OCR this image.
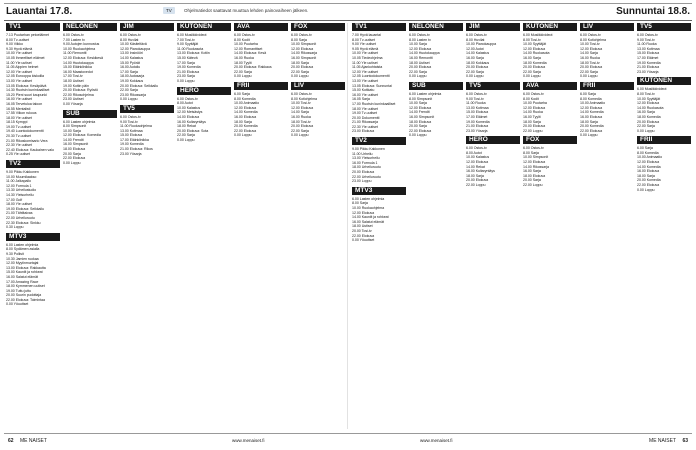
Lauantai 17.8.	TV	Ohjelmatiedot saattavat muuttua lehden painovaiheen jälkeen.	Sunnuntai 18.8.
TV1
7.13 Puutarhan petoeläimet
8.00 Tv-uutiset
9.00 Viikko
9.30 Hyvä elämä
10.00 Yle uutiset
10.05 Ihmeelliset eläimet
11.00 Yle uutiset
11.05 Alppien helmet
12.00 Yle uutiset
12.05 Eurooppa kiskoilla
13.00 Yle uutiset
13.05 Elokuva: Kesäpäivä
14.30 Ruotsin kuninkaalliset
15.20 Pieni suuri kaupunki
16.00 Yle uutiset
16.05 Tervetuloa taloon
16.55 Mentalisti
17.55 Viikon rukous
18.00 Yle uutiset
18.15 Kymppi
19.00 Tv-uutiset
19.40 Luontodokumentti
20.30 Tv-uutiset
21.00 Rikoskomisario Vera
22.30 Yle uutiset
22.40 Elokuva: Kaukainen valo
0.25 Yle uutiset
TV2
9.00 Pikku Kakkonen
10.00 Muumilaakso
11.00 Jalkapallo
12.00 Formula 1
13.30 Urheilustudio
14.30 Yleisurheilu
17.00 Golf
18.00 Yle uutiset
19.00 Elokuva: Seikkailu
21.00 Tähtitaivas
22.00 Urheiluruutu
22.30 Elokuva: Sinkku
0.30 Loppu
MTV3
6.00 Lasten ohjelmia
8.00 Sydämen asialla
9.30 Poliisit
10.30 Jamien ruokaa
12.00 Myytinmurtajat
13.00 Elokuva: Rakkautta
15.00 Kauniit ja rohkeat
16.00 Salatut elämät
17.00 Amazing Race
18.00 Kymmenen uutiset
19.00 Tuttu juttu
20.00 Suurin pudottaja
22.00 Elokuva: Toimintaa
0.00 Yöuutiset
NELONEN
6.00 Ostos-tv
7.00 Lasten tv
9.00 Autojen kunnostus
10.00 Ruokaohjelma
11.00 Remontti
12.00 Elokuva: Keskikesä
14.00 Huutokauppa
15.00 Eläinklinikka
16.00 Maastovedot
17.00 Tosi-tv
18.00 Uutiset
19.00 Kotiin päin
20.00 Elokuva: Ryöstö
22.00 Rikosohjelma
23.00 Uutiset
0.00 Yösarja
SUB
6.00 Lasten ohjelmia
8.00 Simpsonit
10.00 Sarja
12.00 Elokuva: Komedia
14.00 Frendit
16.00 Simpsonit
18.00 Elokuva
20.00 Sarja
22.00 Elokuva
0.00 Loppu
JIM
6.00 Ostos-tv
8.00 Huvilat
10.00 Käsiteltävä
12.00 Pianokauppa
13.00 Insinööri
14.00 Kalastus
15.00 Pyörät
16.00 Autoilu
17.00 Sarja
18.00 Autosarja
19.00 Kokkaus
20.00 Elokuva: Seikkailu
22.00 Sarja
23.00 Rikossarja
0.00 Loppu
TV5
6.00 Ostos-tv
9.00 Tosi-tv
11.00 Ruokaohjelma
13.00 Kotimaa
15.00 Elokuva
17.00 Eläinklinikka
19.00 Komedia
21.00 Elokuva: Rikos
23.00 Yösarja
KUTONEN
6.00 Musiikkivideot
7.00 Tosi-tv
9.00 Syyttäjät
11.00 Ruokasota
13.00 Elokuva: Kotiin
15.00 Kätevä
17.00 Sarja
19.00 Komedia
21.00 Elokuva
23.00 Sarja
0.00 Loppu
HERO
6.00 Ostos-tv
8.00 Autot
10.00 Kalastus
12.00 Metsästys
14.00 Elokuva
16.00 Kultaryntäys
18.00 Rekat
20.00 Elokuva: Sota
22.00 Sarja
0.00 Loppu
AVA
6.00 Ostos-tv
8.00 Kodit
10.00 Puutarha
12.00 Romanttiset
14.00 Elokuva: Kesä
16.00 Ruoka
18.00 Tyylit
20.00 Elokuva: Rakkaus
22.00 Sarja
0.00 Loppu
FRII
6.00 Sarja
8.00 Komedia
10.00 Animaatio
12.00 Elokuva
14.00 Komedia
16.00 Elokuva
18.00 Sarja
20.00 Komedia
22.00 Elokuva
0.00 Loppu
FOX
6.00 Ostos-tv
8.00 Sarja
10.00 Simpsonit
12.00 Elokuva
14.00 Rikossarja
16.00 Simpsonit
18.00 Sarja
20.00 Elokuva
22.00 Sarja
0.00 Loppu
LIV
6.00 Ostos-tv
8.00 Kotiohjelma
10.00 Tosi-tv
12.00 Elokuva
14.00 Sarja
16.00 Ruoka
18.00 Tosi-tv
20.00 Elokuva
22.00 Sarja
0.00 Loppu
TV1
7.00 Hyvä lauantai
8.00 Tv-uutiset
9.00 Yle uutiset
9.05 Hyvä elämä
10.00 Yle uutiset
10.05 Tiedeohjelma
11.00 Yle uutiset
11.05 Ajankohtaista
12.00 Yle uutiset
12.05 Luontodokumentti
13.00 Yle uutiset
13.05 Elokuva: Sunnuntai
15.00 Kotikatu
16.00 Yle uutiset
16.05 Sarja
17.00 Ruotsin kuninkaalliset
18.00 Yle uutiset
19.00 Tv-uutiset
20.00 Dokumentti
21.00 Rikossarja
22.30 Yle uutiset
23.00 Elokuva
TV2
9.00 Pikku Kakkonen
11.00 Urheilu
13.00 Yleisurheilu
16.00 Formula 1
18.00 Urheiluruutu
20.00 Elokuva
22.00 Urheiluruutu
23.00 Loppu
MTV3
6.00 Lasten ohjelmia
8.00 Sarja
10.00 Ruokaohjelma
12.00 Elokuva
14.00 Kauniit ja rohkeat
16.00 Salatut elämät
18.00 Uutiset
20.00 Tosi-tv
22.00 Elokuva
0.00 Yöuutiset
NELONEN
6.00 Ostos-tv
8.00 Lasten tv
10.00 Sarja
12.00 Elokuva
14.00 Huutokauppa
16.00 Remontti
18.00 Uutiset
20.00 Elokuva
22.00 Sarja
0.00 Loppu
SUB
6.00 Lasten ohjelmia
8.00 Simpsonit
10.00 Sarja
12.00 Elokuva
14.00 Frendit
16.00 Simpsonit
18.00 Elokuva
20.00 Sarja
22.00 Elokuva
0.00 Loppu
JIM
6.00 Ostos-tv
8.00 Huvilat
10.00 Pianokauppa
12.00 Autot
14.00 Kalastus
16.00 Sarja
18.00 Kokkaus
20.00 Elokuva
22.00 Sarja
0.00 Loppu
TV5
6.00 Ostos-tv
9.00 Tosi-tv
11.00 Ruoka
13.00 Kotimaa
15.00 Elokuva
17.00 Eläimet
19.00 Komedia
21.00 Elokuva
23.00 Yösarja
HERO
6.00 Ostos-tv
8.00 Autot
10.00 Kalastus
12.00 Elokuva
14.00 Rekat
16.00 Kultaryntäys
18.00 Sarja
20.00 Elokuva
22.00 Loppu
KUTONEN
6.00 Musiikkivideot
8.00 Tosi-tv
10.00 Syyttäjät
12.00 Elokuva
14.00 Ruokasota
16.00 Sarja
18.00 Komedia
20.00 Elokuva
22.00 Sarja
0.00 Loppu
AVA
6.00 Ostos-tv
8.00 Kodit
10.00 Puutarha
12.00 Elokuva
14.00 Ruoka
16.00 Tyylit
18.00 Sarja
20.00 Elokuva
22.00 Loppu
FOX
6.00 Ostos-tv
8.00 Sarja
10.00 Simpsonit
12.00 Elokuva
14.00 Rikossarja
16.00 Sarja
18.00 Elokuva
20.00 Sarja
22.00 Loppu
LIV
6.00 Ostos-tv
8.00 Kotiohjelma
10.00 Tosi-tv
12.00 Elokuva
14.00 Sarja
16.00 Ruoka
18.00 Tosi-tv
20.00 Elokuva
22.00 Sarja
0.00 Loppu
FRII
6.00 Sarja
8.00 Komedia
10.00 Animaatio
12.00 Elokuva
14.00 Komedia
16.00 Elokuva
18.00 Sarja
20.00 Komedia
22.00 Elokuva
0.00 Loppu
TV5
6.00 Ostos-tv
9.00 Tosi-tv
11.00 Ruoka
13.00 Kotimaa
15.00 Elokuva
17.00 Eläimet
19.00 Komedia
21.00 Elokuva
23.00 Yösarja
KUTONEN
6.00 Musiikkivideot
8.00 Tosi-tv
10.00 Syyttäjät
12.00 Elokuva
14.00 Ruokasota
16.00 Sarja
18.00 Komedia
20.00 Elokuva
22.00 Sarja
0.00 Loppu
FRII
6.00 Sarja
8.00 Komedia
10.00 Animaatio
12.00 Elokuva
14.00 Komedia
16.00 Elokuva
18.00 Sarja
20.00 Komedia
22.00 Elokuva
0.00 Loppu
62 ME NAISET	www.menaiset.fi	www.menaiset.fi	ME NAISET 63
